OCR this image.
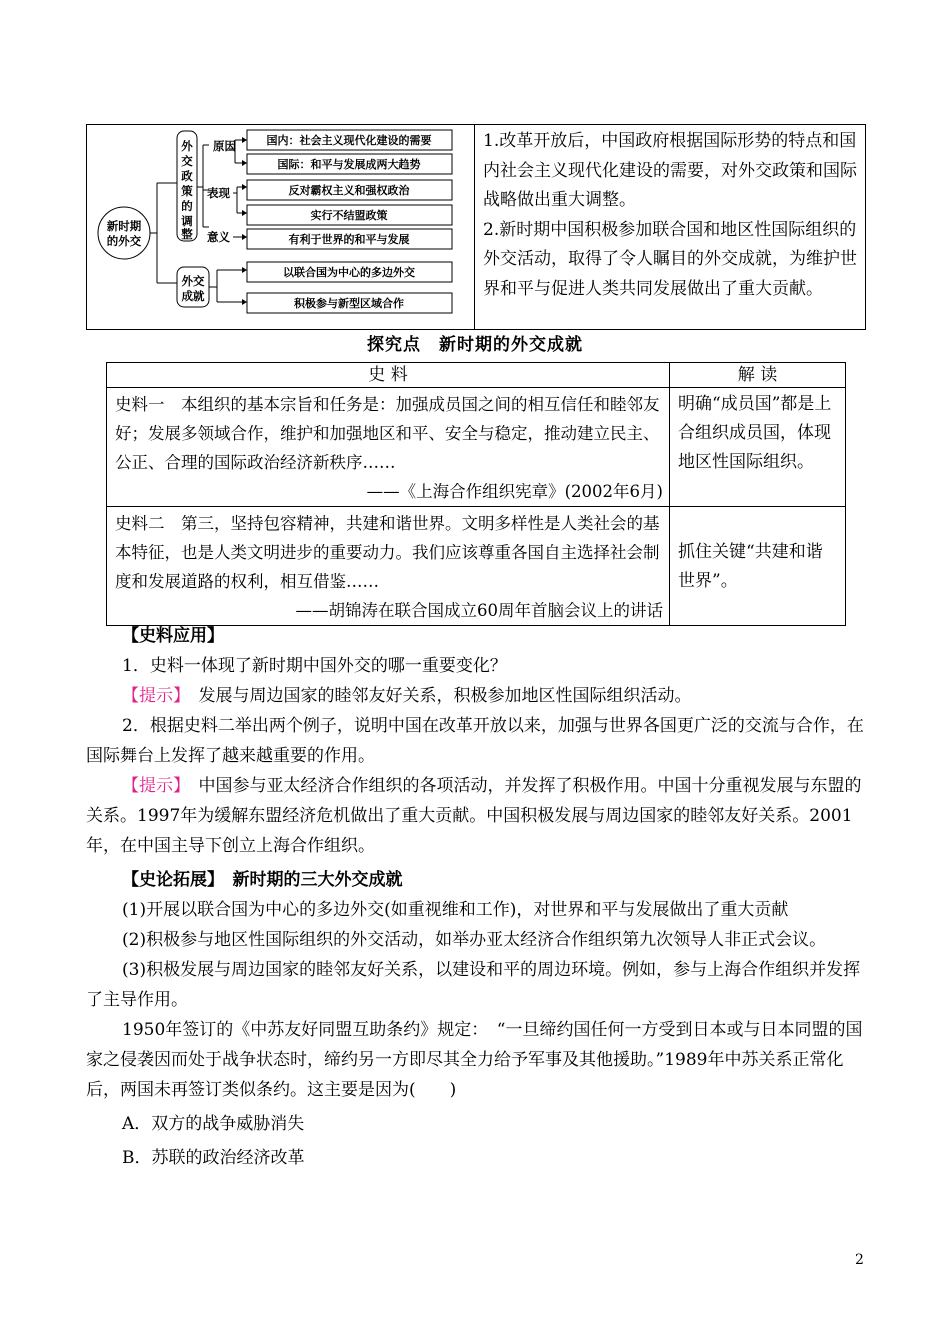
新时期
的外交
外
交
政
策
的
调
整
外交
成就
原因
表现
意义
国内：社会主义现代化建设的需要
国际：和平与发展成两大趋势
反对霸权主义和强权政治
实行不结盟政策
有利于世界的和平与发展
以联合国为中心的多边外交
积极参与新型区域合作
1.改革开放后，中国政府根据国际形势的特点和国内社会主义现代化建设的需要，对外交政策和国际战略做出重大调整。
2.新时期中国积极参加联合国和地区性国际组织的外交活动，取得了令人瞩目的外交成就，为维护世界和平与促进人类共同发展做出了重大贡献。
探究点　新时期的外交成就
史 料	解 读

史料一　本组织的基本宗旨和任务是：加强成员国之间的相互信任和睦邻友好；发展多领域合作，维护和加强地区和平、安全与稳定，推动建立民主、公正、合理的国际政治经济新秩序……
——《上海合作组织宪章》(2002年6月)	明确“成员国”都是上合组织成员国，体现地区性国际组织。

史料二　第三，坚持包容精神，共建和谐世界。文明多样性是人类社会的基本特征，也是人类文明进步的重要动力。我们应该尊重各国自主选择社会制度和发展道路的权利，相互借鉴……
——胡锦涛在联合国成立60周年首脑会议上的讲话	抓住关键“共建和谐世界”。

【史料应用】

1．史料一体现了新时期中国外交的哪一重要变化？

【提示】　发展与周边国家的睦邻友好关系，积极参加地区性国际组织活动。

2．根据史料二举出两个例子，说明中国在改革开放以来，加强与世界各国更广泛的交流与合作，在国际舞台上发挥了越来越重要的作用。

【提示】　中国参与亚太经济合作组织的各项活动，并发挥了积极作用。中国十分重视发展与东盟的关系。1997年为缓解东盟经济危机做出了重大贡献。中国积极发展与周边国家的睦邻友好关系。2001年，在中国主导下创立上海合作组织。

【史论拓展】　新时期的三大外交成就

(1)开展以联合国为中心的多边外交(如重视维和工作)，对世界和平与发展做出了重大贡献

(2)积极参与地区性国际组织的外交活动，如举办亚太经济合作组织第九次领导人非正式会议。

(3)积极发展与周边国家的睦邻友好关系，以建设和平的周边环境。例如，参与上海合作组织并发挥了主导作用。

1950年签订的《中苏友好同盟互助条约》规定：　“一旦缔约国任何一方受到日本或与日本同盟的国家之侵袭因而处于战争状态时，缔约另一方即尽其全力给予军事及其他援助。”1989年中苏关系正常化后，两国未再签订类似条约。这主要是因为(　　)

A．双方的战争威胁消失

B．苏联的政治经济改革

2
